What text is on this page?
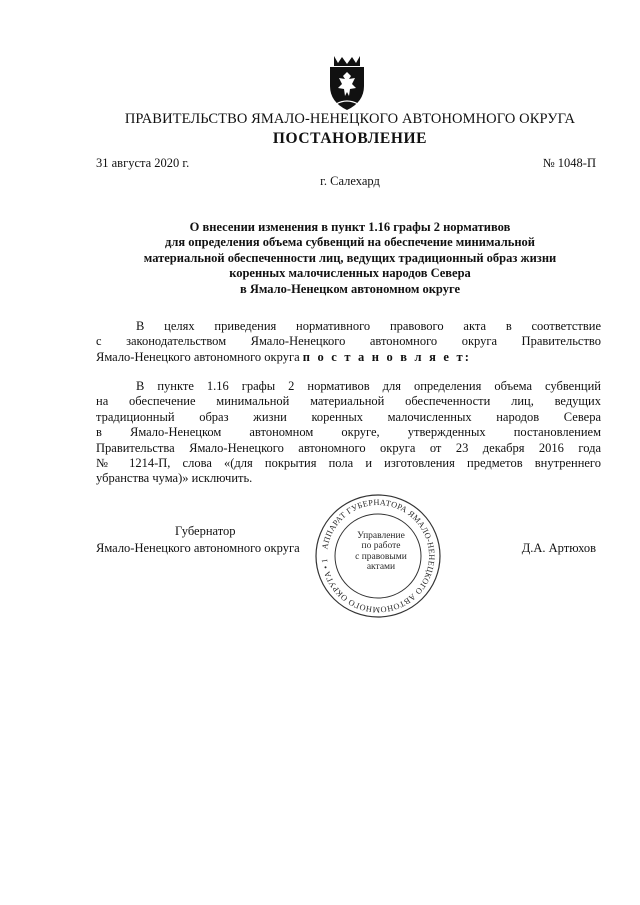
ПРАВИТЕЛЬСТВО ЯМАЛО-НЕНЕЦКОГО АВТОНОМНОГО ОКРУГА
ПОСТАНОВЛЕНИЕ
31 августа 2020 г.	№ 1048-П
г. Салехард
О внесении изменения в пункт 1.16 графы 2 нормативов
для определения объема субвенций на обеспечение минимальной
материальной обеспеченности лиц, ведущих традиционный образ жизни
коренных малочисленных народов Севера
в Ямало-Ненецком автономном округе
В целях приведения нормативного правового акта в соответствие
с законодательством Ямало-Ненецкого автономного округа Правительство
Ямало-Ненецкого автономного округа п о с т а н о в л я е т:
В пункте 1.16 графы 2 нормативов для определения объема субвенций
на обеспечение минимальной материальной обеспеченности лиц, ведущих
традиционный образ жизни коренных малочисленных народов Севера
в Ямало-Ненецком автономном округе, утвержденных постановлением
Правительства Ямало-Ненецкого автономного округа от 23 декабря 2016 года
№ 1214-П, слова «(для покрытия пола и изготовления предметов внутреннего
убранства чума)» исключить.
Губернатор
Ямало-Ненецкого автономного округа	Д.А. Артюхов
АППАРАТ ГУБЕРНАТОРА ЯМАЛО-НЕНЕЦКОГО АВТОНОМНОГО ОКРУГА • 1
Управление
по работе
с правовыми
актами
